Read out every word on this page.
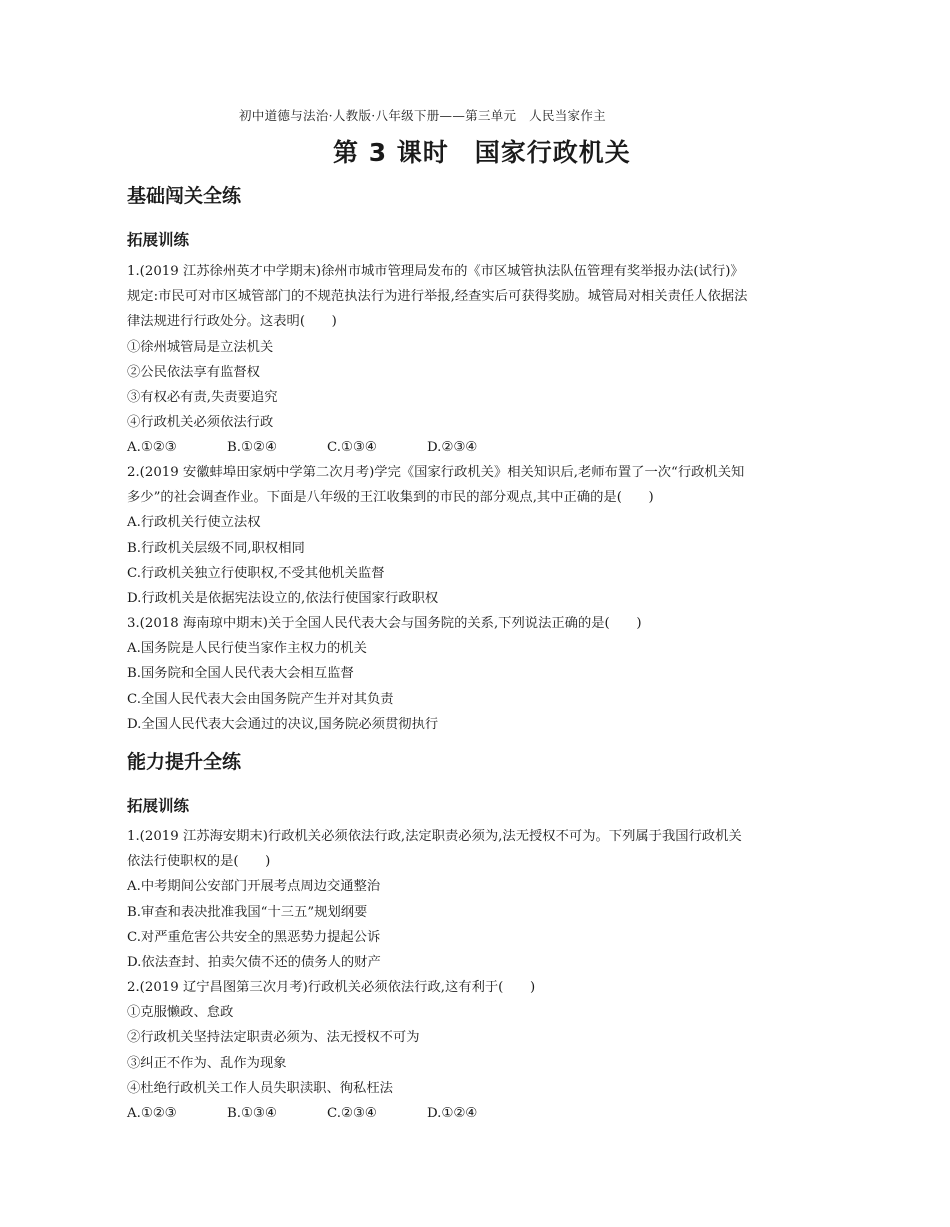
初中道德与法治·人教版·八年级下册——第三单元　人民当家作主
第 3 课时　国家行政机关
基础闯关全练
拓展训练
1.(2019 江苏徐州英才中学期末)徐州市城市管理局发布的《市区城管执法队伍管理有奖举报办法(试行)》
规定:市民可对市区城管部门的不规范执法行为进行举报,经查实后可获得奖励。城管局对相关责任人依据法
律法规进行行政处分。这表明(　　)
①徐州城管局是立法机关
②公民依法享有监督权
③有权必有责,失责要追究
④行政机关必须依法行政
A.①②③	B.①②④	C.①③④	D.②③④
2.(2019 安徽蚌埠田家炳中学第二次月考)学完《国家行政机关》相关知识后,老师布置了一次“行政机关知
多少”的社会调查作业。下面是八年级的王江收集到的市民的部分观点,其中正确的是(　　)
A.行政机关行使立法权
B.行政机关层级不同,职权相同
C.行政机关独立行使职权,不受其他机关监督
D.行政机关是依据宪法设立的,依法行使国家行政职权
3.(2018 海南琼中期末)关于全国人民代表大会与国务院的关系,下列说法正确的是(　　)
A.国务院是人民行使当家作主权力的机关
B.国务院和全国人民代表大会相互监督
C.全国人民代表大会由国务院产生并对其负责
D.全国人民代表大会通过的决议,国务院必须贯彻执行
能力提升全练
拓展训练
1.(2019 江苏海安期末)行政机关必须依法行政,法定职责必须为,法无授权不可为。下列属于我国行政机关
依法行使职权的是(　　)
A.中考期间公安部门开展考点周边交通整治
B.审查和表决批准我国“十三五”规划纲要
C.对严重危害公共安全的黑恶势力提起公诉
D.依法查封、拍卖欠债不还的债务人的财产
2.(2019 辽宁昌图第三次月考)行政机关必须依法行政,这有利于(　　)
①克服懒政、怠政
②行政机关坚持法定职责必须为、法无授权不可为
③纠正不作为、乱作为现象
④杜绝行政机关工作人员失职渎职、徇私枉法
A.①②③	B.①③④	C.②③④	D.①②④
